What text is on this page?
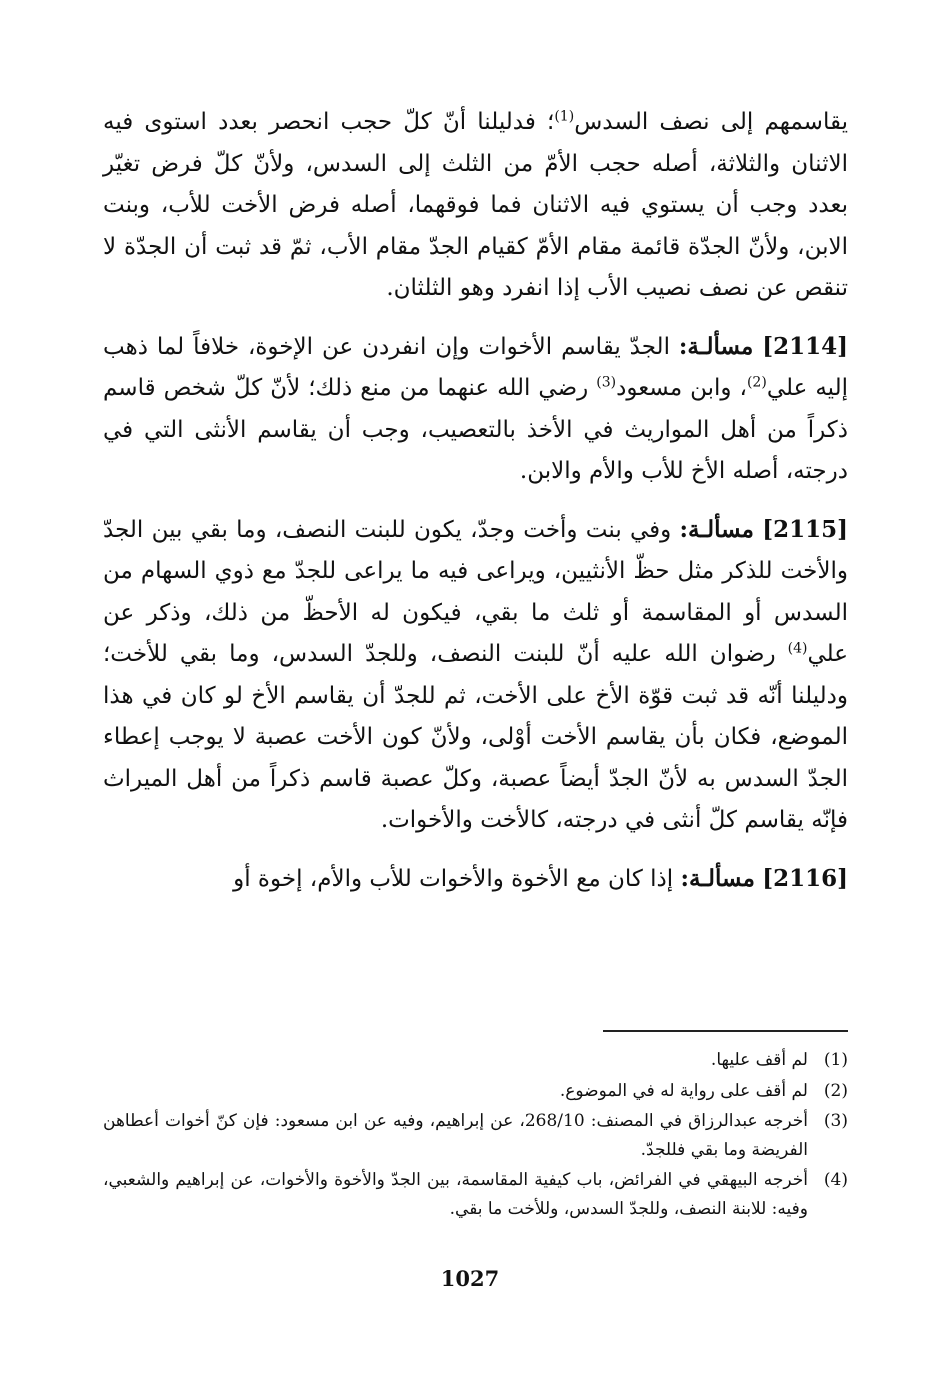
يقاسمهم إلى نصف السدس$^{(1)}$؛ فدليلنا أنّ كلّ حجب انحصر بعدد استوى فيه الاثنان والثلاثة، أصله حجب الأمّ من الثلث إلى السدس، ولأنّ كلّ فرض تغيّر بعدد وجب أن يستوي فيه الاثنان فما فوقهما، أصله فرض الأخت للأب، وبنت الابن، ولأنّ الجدّة قائمة مقام الأمّ كقيام الجدّ مقام الأب، ثمّ قد ثبت أن الجدّة لا تنقص عن نصف نصيب الأب إذا انفرد وهو الثلثان.

[2114] مسألـة: الجدّ يقاسم الأخوات وإن انفردن عن الإخوة، خلافاً لما ذهب إليه علي$^{(2)}$، وابن مسعود$^{(3)}$ رضي الله عنهما من منع ذلك؛ لأنّ كلّ شخص قاسم ذكراً من أهل المواريث في الأخذ بالتعصيب، وجب أن يقاسم الأنثى التي في درجته، أصله الأخ للأب والأم والابن.

[2115] مسألـة: وفي بنت وأخت وجدّ، يكون للبنت النصف، وما بقي بين الجدّ والأخت للذكر مثل حظّ الأنثيين، ويراعى فيه ما يراعى للجدّ مع ذوي السهام من السدس أو المقاسمة أو ثلث ما بقي، فيكون له الأحظّ من ذلك، وذكر عن علي$^{(4)}$ رضوان الله عليه أنّ للبنت النصف، وللجدّ السدس، وما بقي للأخت؛ ودليلنا أنّه قد ثبت قوّة الأخ على الأخت، ثم للجدّ أن يقاسم الأخ لو كان في هذا الموضع، فكان بأن يقاسم الأخت أوْلى، ولأنّ كون الأخت عصبة لا يوجب إعطاء الجدّ السدس به لأنّ الجدّ أيضاً عصبة، وكلّ عصبة قاسم ذكراً من أهل الميراث فإنّه يقاسم كلّ أنثى في درجته، كالأخت والأخوات.

[2116] مسألـة: إذا كان مع الأخوة والأخوات للأب والأم، إخوة أو

(1)
لم أقف عليها.
(2)
لم أقف على رواية له في الموضوع.
(3)
أخرجه عبدالرزاق في المصنف: 268/10، عن إبراهيم، وفيه عن ابن مسعود: فإن كنّ أخوات أعطاهن الفريضة وما بقي فللجدّ.
(4)
أخرجه البيهقي في الفرائض، باب كيفية المقاسمة، بين الجدّ والأخوة والأخوات، عن إبراهيم والشعبي، وفيه: للابنة النصف، وللجدّ السدس، وللأخت ما بقي.
1027
